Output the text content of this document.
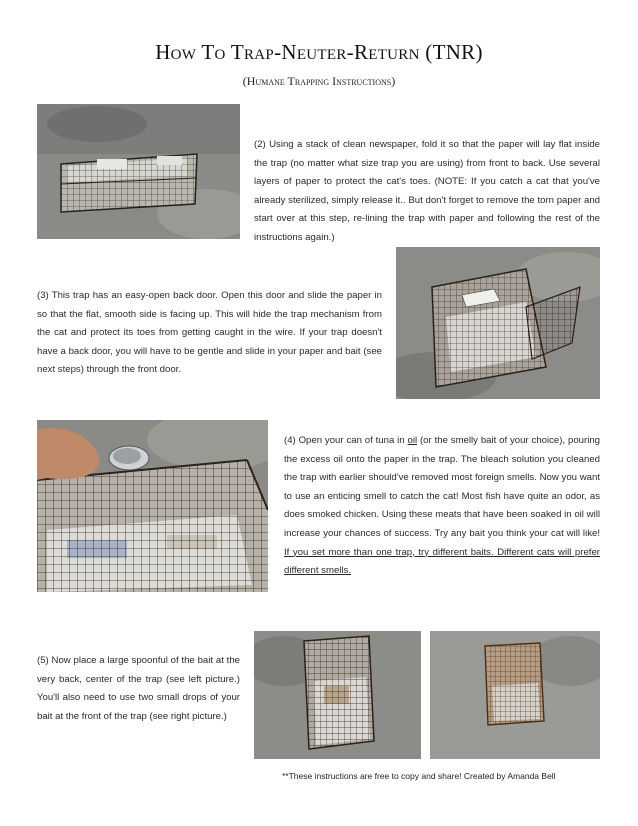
How To Trap-Neuter-Return (TNR)
(Humane Trapping Instructions)
(2) Using a stack of clean newspaper, fold it so that the paper will lay flat inside the trap (no matter what size trap you are using) from front to back. Use several layers of paper to protect the cat's toes. (NOTE: If you catch a cat that you've already sterilized, simply release it.. But don't forget to remove the torn paper and start over at this step, re-lining the trap with paper and following the rest of the instructions again.)
(3) This trap has an easy-open back door. Open this door and slide the paper in so that the flat, smooth side is facing up. This will hide the trap mechanism from the cat and protect its toes from getting caught in the wire. If your trap doesn't have a back door, you will have to be gentle and slide in your paper and bait (see next steps) through the front door.
(4) Open your can of tuna in oil (or the smelly bait of your choice), pouring the excess oil onto the paper in the trap. The bleach solution you cleaned the trap with earlier should've removed most foreign smells. Now you want to use an enticing smell to catch the cat! Most fish have quite an odor, as does smoked chicken. Using these meats that have been soaked in oil will increase your chances of success. Try any bait you think your cat will like! If you set more than one trap, try different baits. Different cats will prefer different smells.
(5) Now place a large spoonful of the bait at the very back, center of the trap (see left picture.) You'll also need to use two small drops of your bait at the front of the trap (see right picture.)
**These instructions are free to copy and share! Created by Amanda Bell
